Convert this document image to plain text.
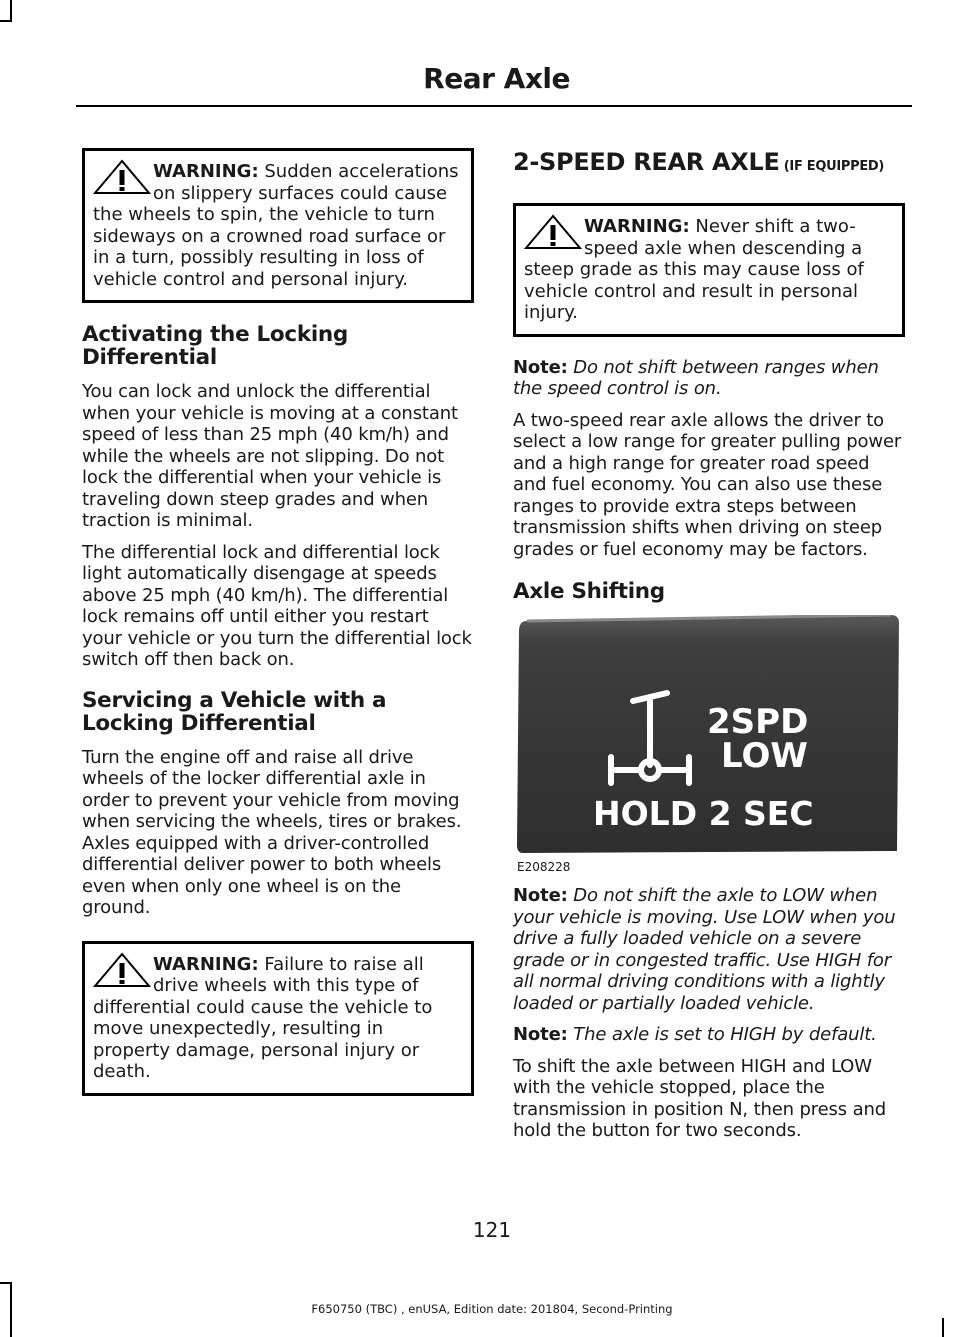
Rear Axle
WARNING: Sudden accelerations on slippery surfaces could cause the wheels to spin, the vehicle to turn sideways on a crowned road surface or in a turn, possibly resulting in loss of vehicle control and personal injury.
Activating the Locking Differential

You can lock and unlock the differential when your vehicle is moving at a constant speed of less than 25 mph (40 km/h) and while the wheels are not slipping. Do not lock the differential when your vehicle is traveling down steep grades and when traction is minimal.

The differential lock and differential lock light automatically disengage at speeds above 25 mph (40 km/h). The differential lock remains off until either you restart your vehicle or you turn the differential lock switch off then back on.

Servicing a Vehicle with a Locking Differential

Turn the engine off and raise all drive wheels of the locker differential axle in order to prevent your vehicle from moving when servicing the wheels, tires or brakes. Axles equipped with a driver-controlled differential deliver power to both wheels even when only one wheel is on the ground.

WARNING: Failure to raise all drive wheels with this type of differential could cause the vehicle to move unexpectedly, resulting in property damage, personal injury or death.
2-SPEED REAR AXLE (IF EQUIPPED)
WARNING: Never shift a two-speed axle when descending a steep grade as this may cause loss of vehicle control and result in personal injury.

Note: Do not shift between ranges when the speed control is on.

A two-speed rear axle allows the driver to select a low range for greater pulling power and a high range for greater road speed and fuel economy. You can also use these ranges to provide extra steps between transmission shifts when driving on steep grades or fuel economy may be factors.

Axle Shifting
2SPD
LOW
HOLD 2 SEC
E208228

Note: Do not shift the axle to LOW when your vehicle is moving. Use LOW when you drive a fully loaded vehicle on a severe grade or in congested traffic. Use HIGH for all normal driving conditions with a lightly loaded or partially loaded vehicle.

Note: The axle is set to HIGH by default.

To shift the axle between HIGH and LOW with the vehicle stopped, place the transmission in position N, then press and hold the button for two seconds.

121
F650750 (TBC) , enUSA, Edition date: 201804, Second-Printing
